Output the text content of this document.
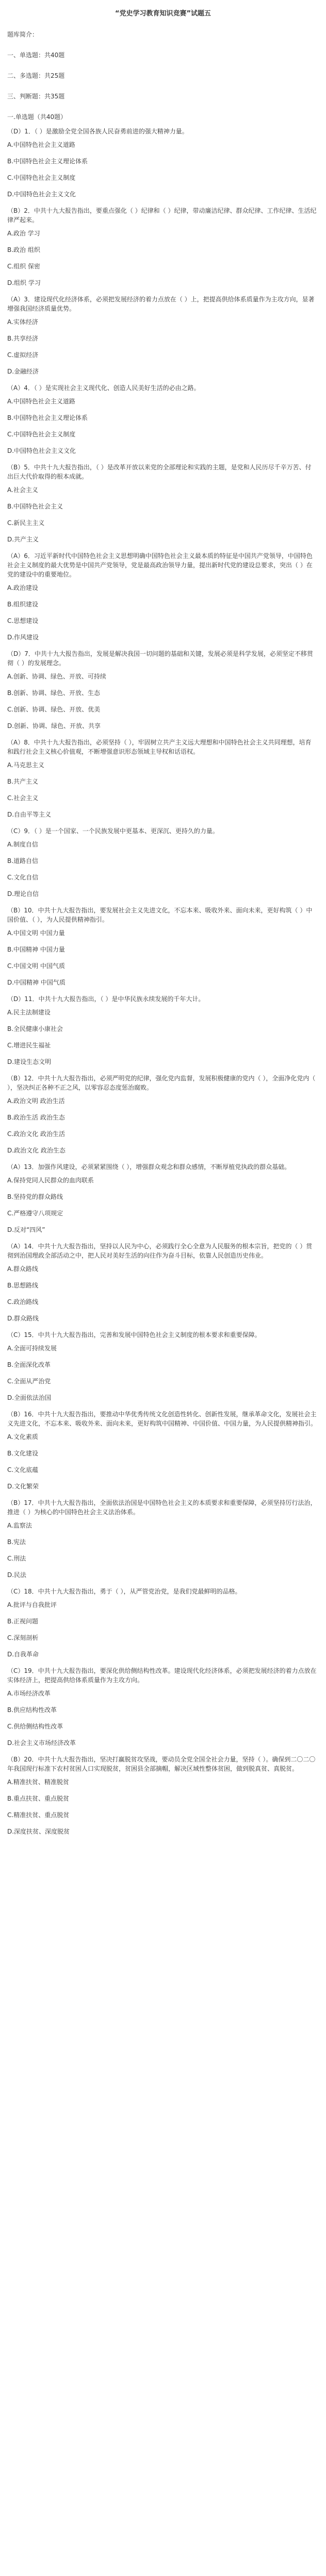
“党史学习教育知识竞赛”试题五
题库简介：
一、单选题：共40题
二、多选题：共25题
三、判断题：共35题
一.单选题（共40题）
（D）1．（ ）是激励全党全国各族人民奋勇前进的强大精神力量。
A.中国特色社会主义道路
B.中国特色社会主义理论体系
C.中国特色社会主义制度
D.中国特色社会主义文化
（B）2．中共十九大报告指出，要重点强化（ ）纪律和（ ）纪律，带动廉洁纪律、群众纪律、工作纪律、生活纪律严起来。
A.政治 学习
B.政治 组织
C.组织 保密
D.组织 学习
（A）3．建设现代化经济体系，必须把发展经济的着力点放在（ ）上，把提高供给体系质量作为主攻方向，显著增强我国经济质量优势。
A.实体经济
B.共享经济
C.虚拟经济
D.金融经济
（A）4．（ ）是实现社会主义现代化、创造人民美好生活的必由之路。
A.中国特色社会主义道路
B.中国特色社会主义理论体系
C.中国特色社会主义制度
D.中国特色社会主义文化
（B）5．中共十九大报告指出，（ ）是改革开放以来党的全部理论和实践的主题，是党和人民历尽千辛万苦、付出巨大代价取得的根本成就。
A.社会主义
B.中国特色社会主义
C.新民主主义
D.共产主义
（A）6．习近平新时代中国特色社会主义思想明确中国特色社会主义最本质的特征是中国共产党领导，中国特色社会主义制度的最大优势是中国共产党领导，党是最高政治领导力量，提出新时代党的建设总要求，突出（ ）在党的建设中的重要地位。
A.政治建设
B.组织建设
C.思想建设
D.作风建设
（D）7．中共十九大报告指出，发展是解决我国一切问题的基础和关键，发展必须是科学发展，必须坚定不移贯彻（ ）的发展理念。
A.创新、协调、绿色、开放、可持续
B.创新、协调、绿色、开放、生态
C.创新、协调、绿色、开放、优美
D.创新、协调、绿色、开放、共享
（A）8．中共十九大报告指出，必须坚持（ ），牢固树立共产主义远大理想和中国特色社会主义共同理想，培育和践行社会主义核心价值观，不断增强意识形态领域主导权和话语权。
A.马克思主义
B.共产主义
C.社会主义
D.自由平等主义
（C）9．（ ）是一个国家、一个民族发展中更基本、更深沉、更持久的力量。
A.制度自信
B.道路自信
C.文化自信
D.理论自信
（B）10．中共十九大报告指出，要发展社会主义先进文化，不忘本来、吸收外来、面向未来，更好构筑（ ）中国价值、（ ），为人民提供精神指引。
A.中国文明 中国力量
B.中国精神 中国力量
C.中国文明 中国气质
D.中国精神 中国气质
（D）11．中共十九大报告指出，（ ）是中华民族永续发展的千年大计。
A.民主法制建设
B.全民健康小康社会
C.增进民生福祉
D.建设生态文明
（B）12．中共十九大报告指出，必须严明党的纪律，强化党内监督，发展积极健康的党内（ ），全面净化党内（ ），坚决纠正各种不正之风，以零容忍态度惩治腐败。
A.政治文明 政治生活
B.政治生活 政治生态
C.政治文化 政治生活
D.政治文化 政治生态
（A）13．加强作风建设，必须紧紧围绕（ ），增强群众观念和群众感情，不断厚植党执政的群众基础。
A.保持党同人民群众的血肉联系
B.坚持党的群众路线
C.严格遵守八项规定
D.反对“四风”
（A）14．中共十九大报告指出，坚持以人民为中心，必须践行全心全意为人民服务的根本宗旨，把党的（ ）贯彻到治国理政全部活动之中，把人民对美好生活的向往作为奋斗目标，依靠人民创造历史伟业。
A.群众路线
B.思想路线
C.政治路线
D.群众路线
（C）15．中共十九大报告指出，完善和发展中国特色社会主义制度的根本要求和重要保障。
A.全面可持续发展
B.全面深化改革
C.全面从严治党
D.全面依法治国
（B）16．中共十九大报告指出，要推动中华优秀传统文化创造性转化、创新性发展，继承革命文化，发展社会主义先进文化，不忘本来、吸收外来、面向未来，更好构筑中国精神、中国价值、中国力量，为人民提供精神指引。
A.文化素质
B.文化建设
C.文化底蕴
D.文化繁荣
（B）17．中共十九大报告指出，全面依法治国是中国特色社会主义的本质要求和重要保障，必须坚持厉行法治，推进（ ）为核心的中国特色社会主义法治体系。
A.监察法
B.宪法
C.刑法
D.民法
（C）18．中共十九大报告指出，勇于（ ），从严管党治党，是我们党最鲜明的品格。
A.批评与自我批评
B.正视问题
C.深刻剖析
D.自我革命
（C）19．中共十九大报告指出，要深化供给侧结构性改革。建设现代化经济体系，必须把发展经济的着力点放在实体经济上，把提高供给体系质量作为主攻方向。
A.市场经济改革
B.供应结构性改革
C.供给侧结构性改革
D.社会主义市场经济改革
（B）20．中共十九大报告指出，坚决打赢脱贫攻坚战，要动员全党全国全社会力量，坚持（ ）。确保到二〇二〇年我国现行标准下农村贫困人口实现脱贫，贫困县全部摘帽，解决区域性整体贫困，做到脱真贫、真脱贫。
A.精准扶贫、精准脱贫
B.重点扶贫、重点脱贫
C.精准扶贫、重点脱贫
D.深度扶贫、深度脱贫
